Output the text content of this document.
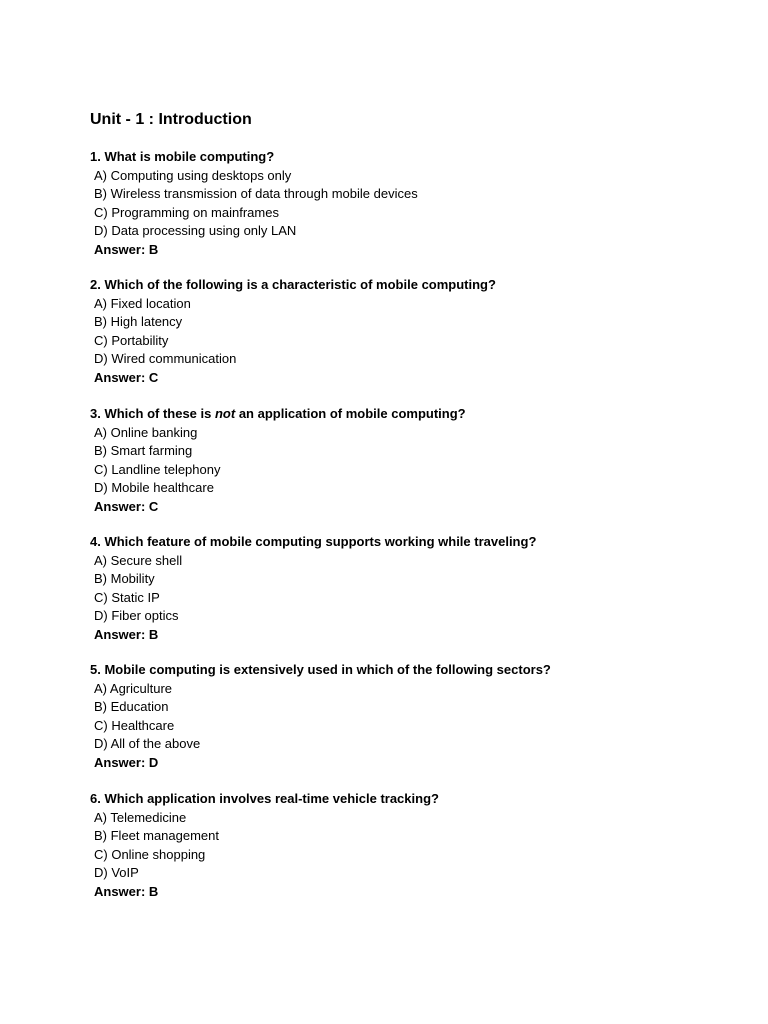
Unit - 1 : Introduction

1. What is mobile computing?

A) Computing using desktops only
B) Wireless transmission of data through mobile devices
C) Programming on mainframes
D) Data processing using only LAN
Answer: B

2. Which of the following is a characteristic of mobile computing?

A) Fixed location
B) High latency
C) Portability
D) Wired communication
Answer: C

3. Which of these is not an application of mobile computing?

A) Online banking
B) Smart farming
C) Landline telephony
D) Mobile healthcare
Answer: C

4. Which feature of mobile computing supports working while traveling?

A) Secure shell
B) Mobility
C) Static IP
D) Fiber optics
Answer: B

5. Mobile computing is extensively used in which of the following sectors?

A) Agriculture
B) Education
C) Healthcare
D) All of the above
Answer: D

6. Which application involves real-time vehicle tracking?

A) Telemedicine
B) Fleet management
C) Online shopping
D) VoIP
Answer: B
